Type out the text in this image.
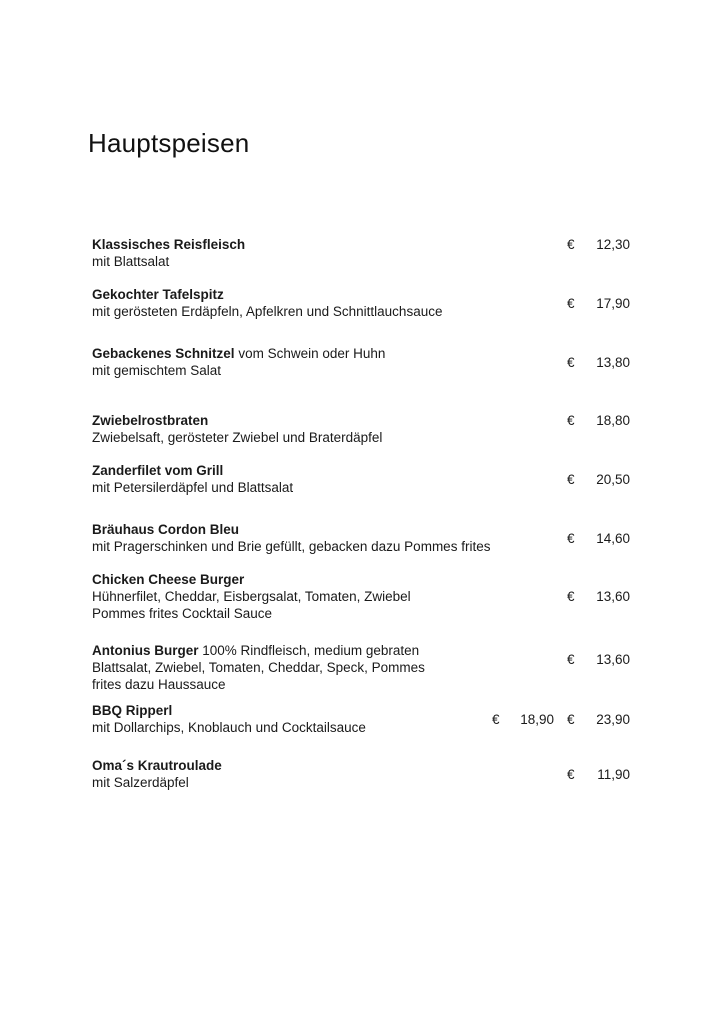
Hauptspeisen
Klassisches Reisfleisch
mit Blattsalat
€	12,30
Gekochter Tafelspitz
mit gerösteten Erdäpfeln, Apfelkren und Schnittlauchsauce
€	17,90
Gebackenes Schnitzel vom Schwein oder Huhn
mit gemischtem Salat
€	13,80
Zwiebelrostbraten
Zwiebelsaft, gerösteter Zwiebel und Braterdäpfel
€	18,80
Zanderfilet vom Grill
mit Petersilerdäpfel und Blattsalat
€	20,50
Bräuhaus Cordon Bleu
mit Pragerschinken und Brie gefüllt, gebacken dazu Pommes frites
€	14,60
Chicken Cheese Burger
Hühnerfilet, Cheddar, Eisbergsalat, Tomaten, Zwiebel
Pommes frites Cocktail Sauce
€	13,60
Antonius Burger 100% Rindfleisch, medium gebraten
Blattsalat, Zwiebel, Tomaten, Cheddar, Speck, Pommes
frites dazu Haussauce
€	13,60
BBQ Ripperl
mit Dollarchips, Knoblauch und Cocktailsauce
€	18,90 €	23,90
Oma´s Krautroulade
mit Salzerdäpfel
€	11,90
